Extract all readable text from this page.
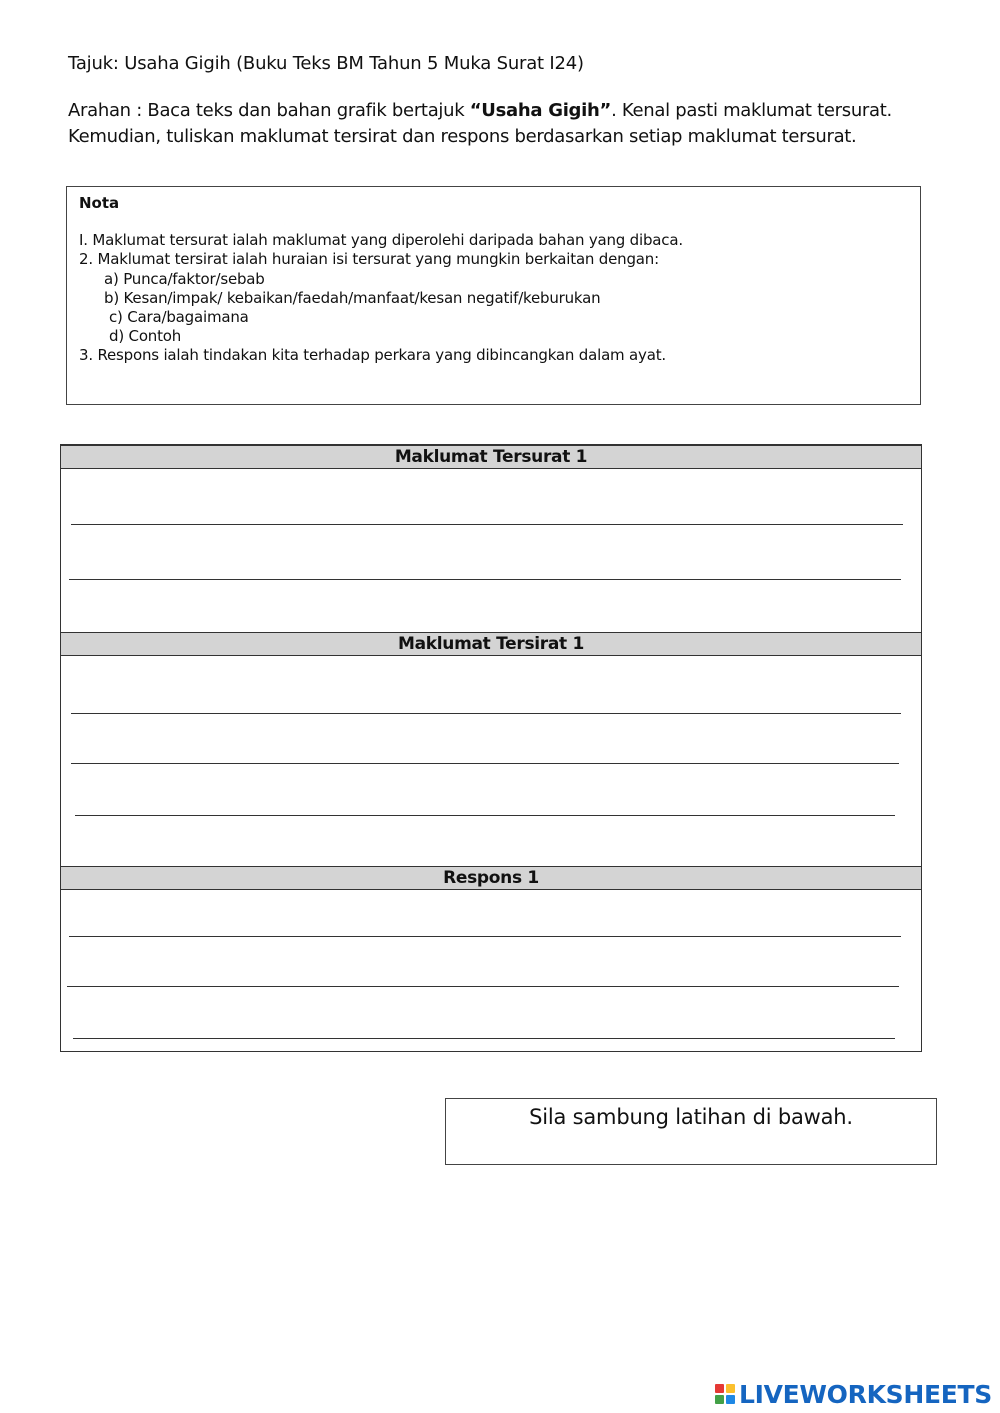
Tajuk: Usaha Gigih (Buku Teks BM Tahun 5 Muka Surat I24)
Arahan : Baca teks dan bahan grafik bertajuk “Usaha Gigih”. Kenal pasti maklumat tersurat. Kemudian, tuliskan maklumat tersirat dan respons berdasarkan setiap maklumat tersurat.
Nota
I. Maklumat tersurat ialah maklumat yang diperolehi daripada bahan yang dibaca.
2. Maklumat tersirat ialah huraian isi tersurat yang mungkin berkaitan dengan:
a) Punca/faktor/sebab
b) Kesan/impak/ kebaikan/faedah/manfaat/kesan negatif/keburukan
c) Cara/bagaimana
d) Contoh
3. Respons ialah tindakan kita terhadap perkara yang dibincangkan dalam ayat.
Maklumat Tersurat 1
Maklumat Tersirat 1
Respons 1
Sila sambung latihan di bawah.
LIVEWORKSHEETS
